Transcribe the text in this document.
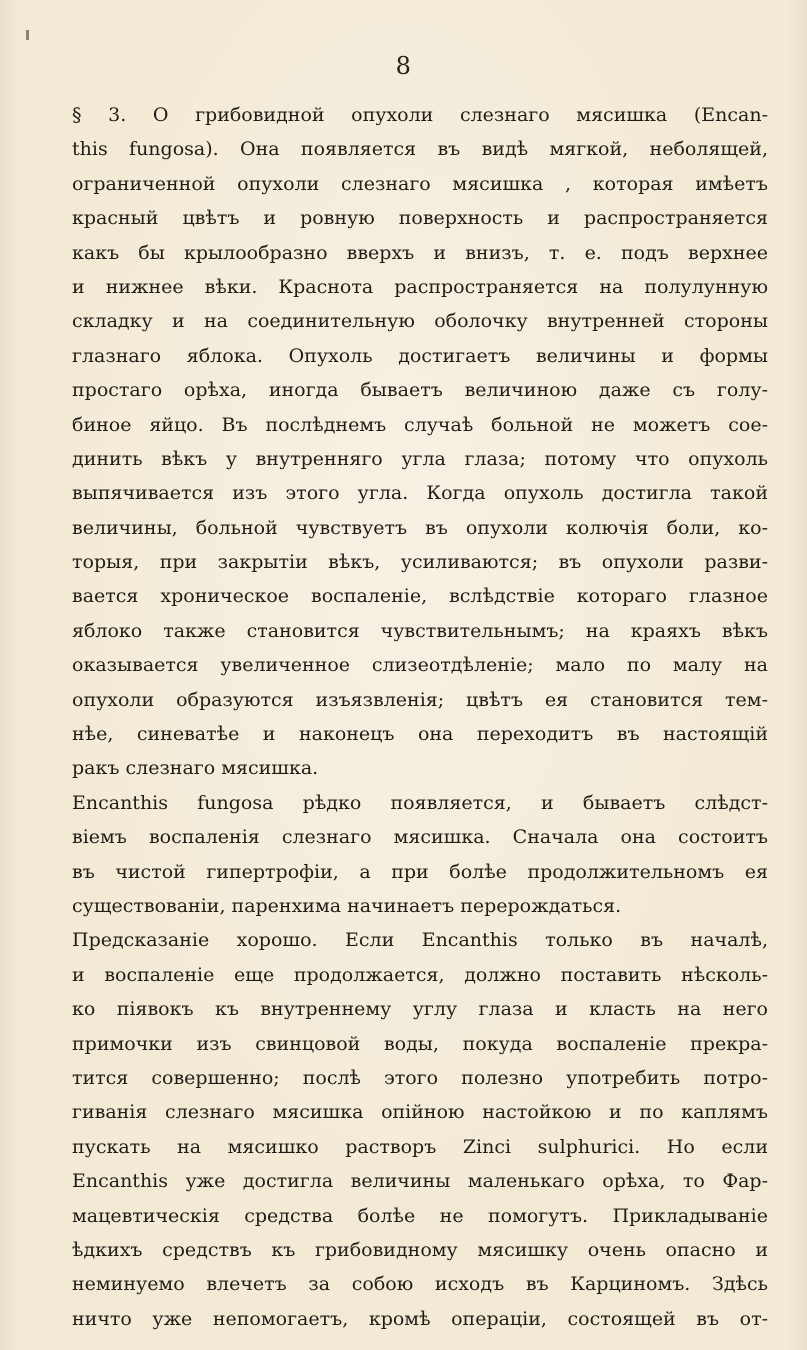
8
§ 3. О грибовидной опухоли слезнаго мясишка (Encan-
this fungosa). Она появляется въ видѣ мягкой, неболящей,
ограниченной опухоли слезнаго мясишка , которая имѣетъ
красный цвѣтъ и ровную поверхность и распространяется
какъ бы крылообразно вверхъ и внизъ, т. е. подъ верхнее
и нижнее вѣки. Краснота распространяется на полулунную
складку и на соединительную оболочку внутренней стороны
глазнаго яблока. Опухоль достигаетъ величины и формы
простаго орѣха, иногда бываетъ величиною даже съ голу-
биное яйцо. Въ послѣднемъ случаѣ больной не можетъ сое-
динить вѣкъ у внутренняго угла глаза; потому что опухоль
выпячивается изъ этого угла. Когда опухоль достигла такой
величины, больной чувствуетъ въ опухоли колючія боли, ко-
торыя, при закрытіи вѣкъ, усиливаются; въ опухоли разви-
вается хроническое воспаленіе, вслѣдствіе котораго глазное
яблоко также становится чувствительнымъ; на краяхъ вѣкъ
оказывается увеличенное слизеотдѣленіе; мало по малу на
опухоли образуются изъязвленія; цвѣтъ ея становится тем-
нѣе, синеватѣе и наконецъ она переходитъ въ настоящій
ракъ слезнаго мясишка.
Encanthis fungosa рѣдко появляется, и бываетъ слѣдст-
віемъ воспаленія слезнаго мясишка. Сначала она состоитъ
въ чистой гипертрофіи, а при болѣе продолжительномъ ея
существованіи, паренхима начинаетъ перерождаться.
Предсказаніе хорошо. Если Encanthis только въ началѣ,
и воспаленіе еще продолжается, должно поставить нѣсколь-
ко піявокъ къ внутреннему углу глаза и класть на него
примочки изъ свинцовой воды, покуда воспаленіе прекра-
тится совершенно; послѣ этого полезно употребить потро-
гиванія слезнаго мясишка опійною настойкою и по каплямъ
пускать на мясишко растворъ Zinci sulphurici. Но если
Encanthis уже достигла величины маленькаго орѣха, то Фар-
мацевтическія средства болѣе не помогутъ. Прикладываніе
ѣдкихъ средствъ къ грибовидному мясишку очень опасно и
неминуемо влечетъ за собою исходъ въ Карциномъ. Здѣсь
ничто уже непомогаетъ, кромѣ операціи, состоящей въ от-
